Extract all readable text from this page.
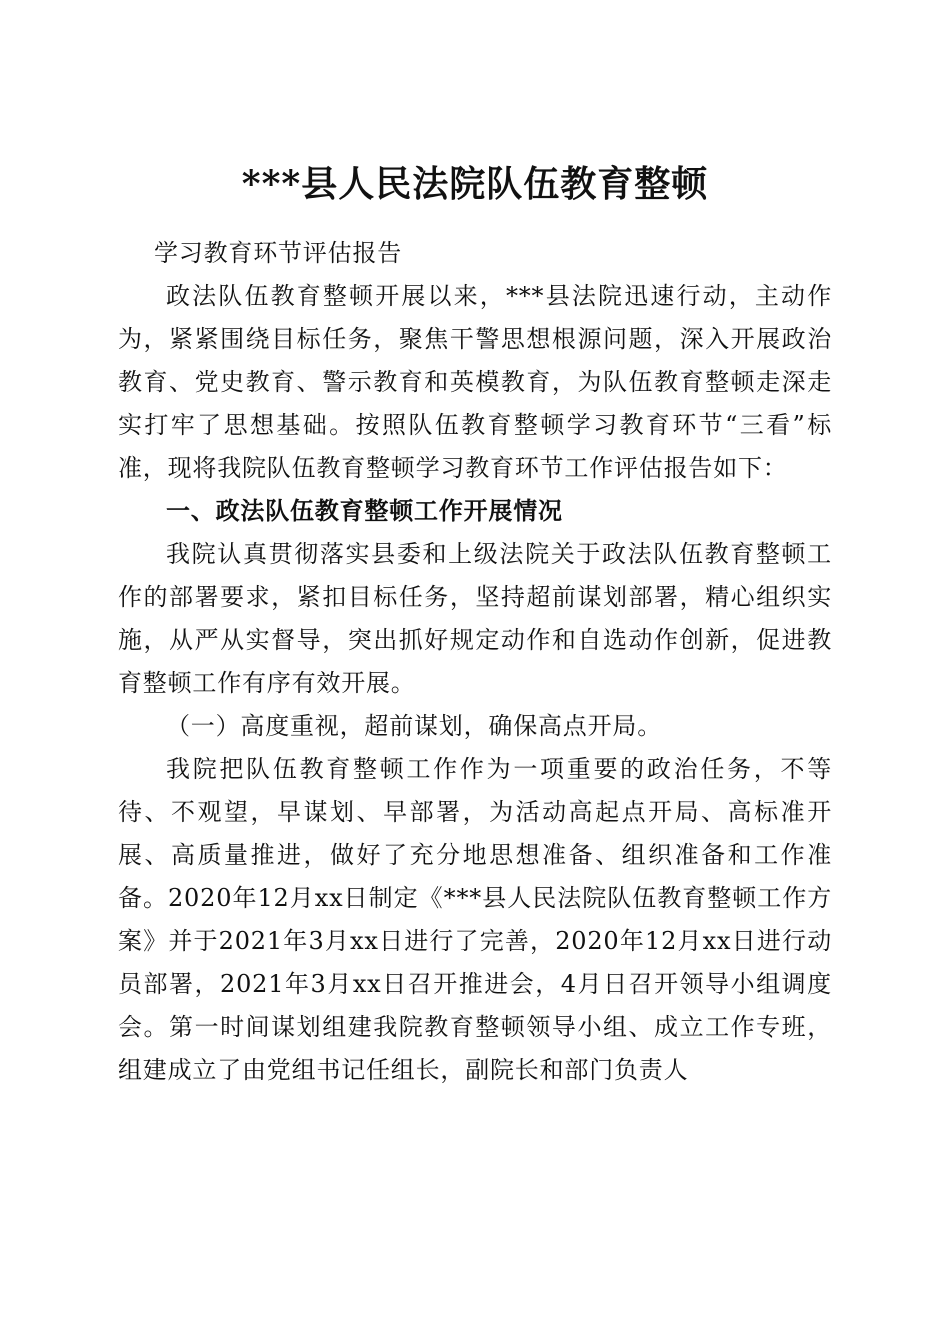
***县人民法院队伍教育整顿

学习教育环节评估报告

政法队伍教育整顿开展以来，***县法院迅速行动，主动作为，紧紧围绕目标任务，聚焦干警思想根源问题，深入开展政治教育、党史教育、警示教育和英模教育，为队伍教育整顿走深走实打牢了思想基础。按照队伍教育整顿学习教育环节“三看”标准，现将我院队伍教育整顿学习教育环节工作评估报告如下：

一、政法队伍教育整顿工作开展情况

我院认真贯彻落实县委和上级法院关于政法队伍教育整顿工作的部署要求，紧扣目标任务，坚持超前谋划部署，精心组织实施，从严从实督导，突出抓好规定动作和自选动作创新，促进教育整顿工作有序有效开展。

（一）高度重视，超前谋划，确保高点开局。

我院把队伍教育整顿工作作为一项重要的政治任务，不等待、不观望，早谋划、早部署，为活动高起点开局、高标准开展、高质量推进，做好了充分地思想准备、组织准备和工作准备。2020年12月xx日制定《***县人民法院队伍教育整顿工作方案》并于2021年3月xx日进行了完善，2020年12月xx日进行动员部署，2021年3月xx日召开推进会，4月日召开领导小组调度会。第一时间谋划组建我院教育整顿领导小组、成立工作专班，组建成立了由党组书记任组长，副院长和部门负责人
